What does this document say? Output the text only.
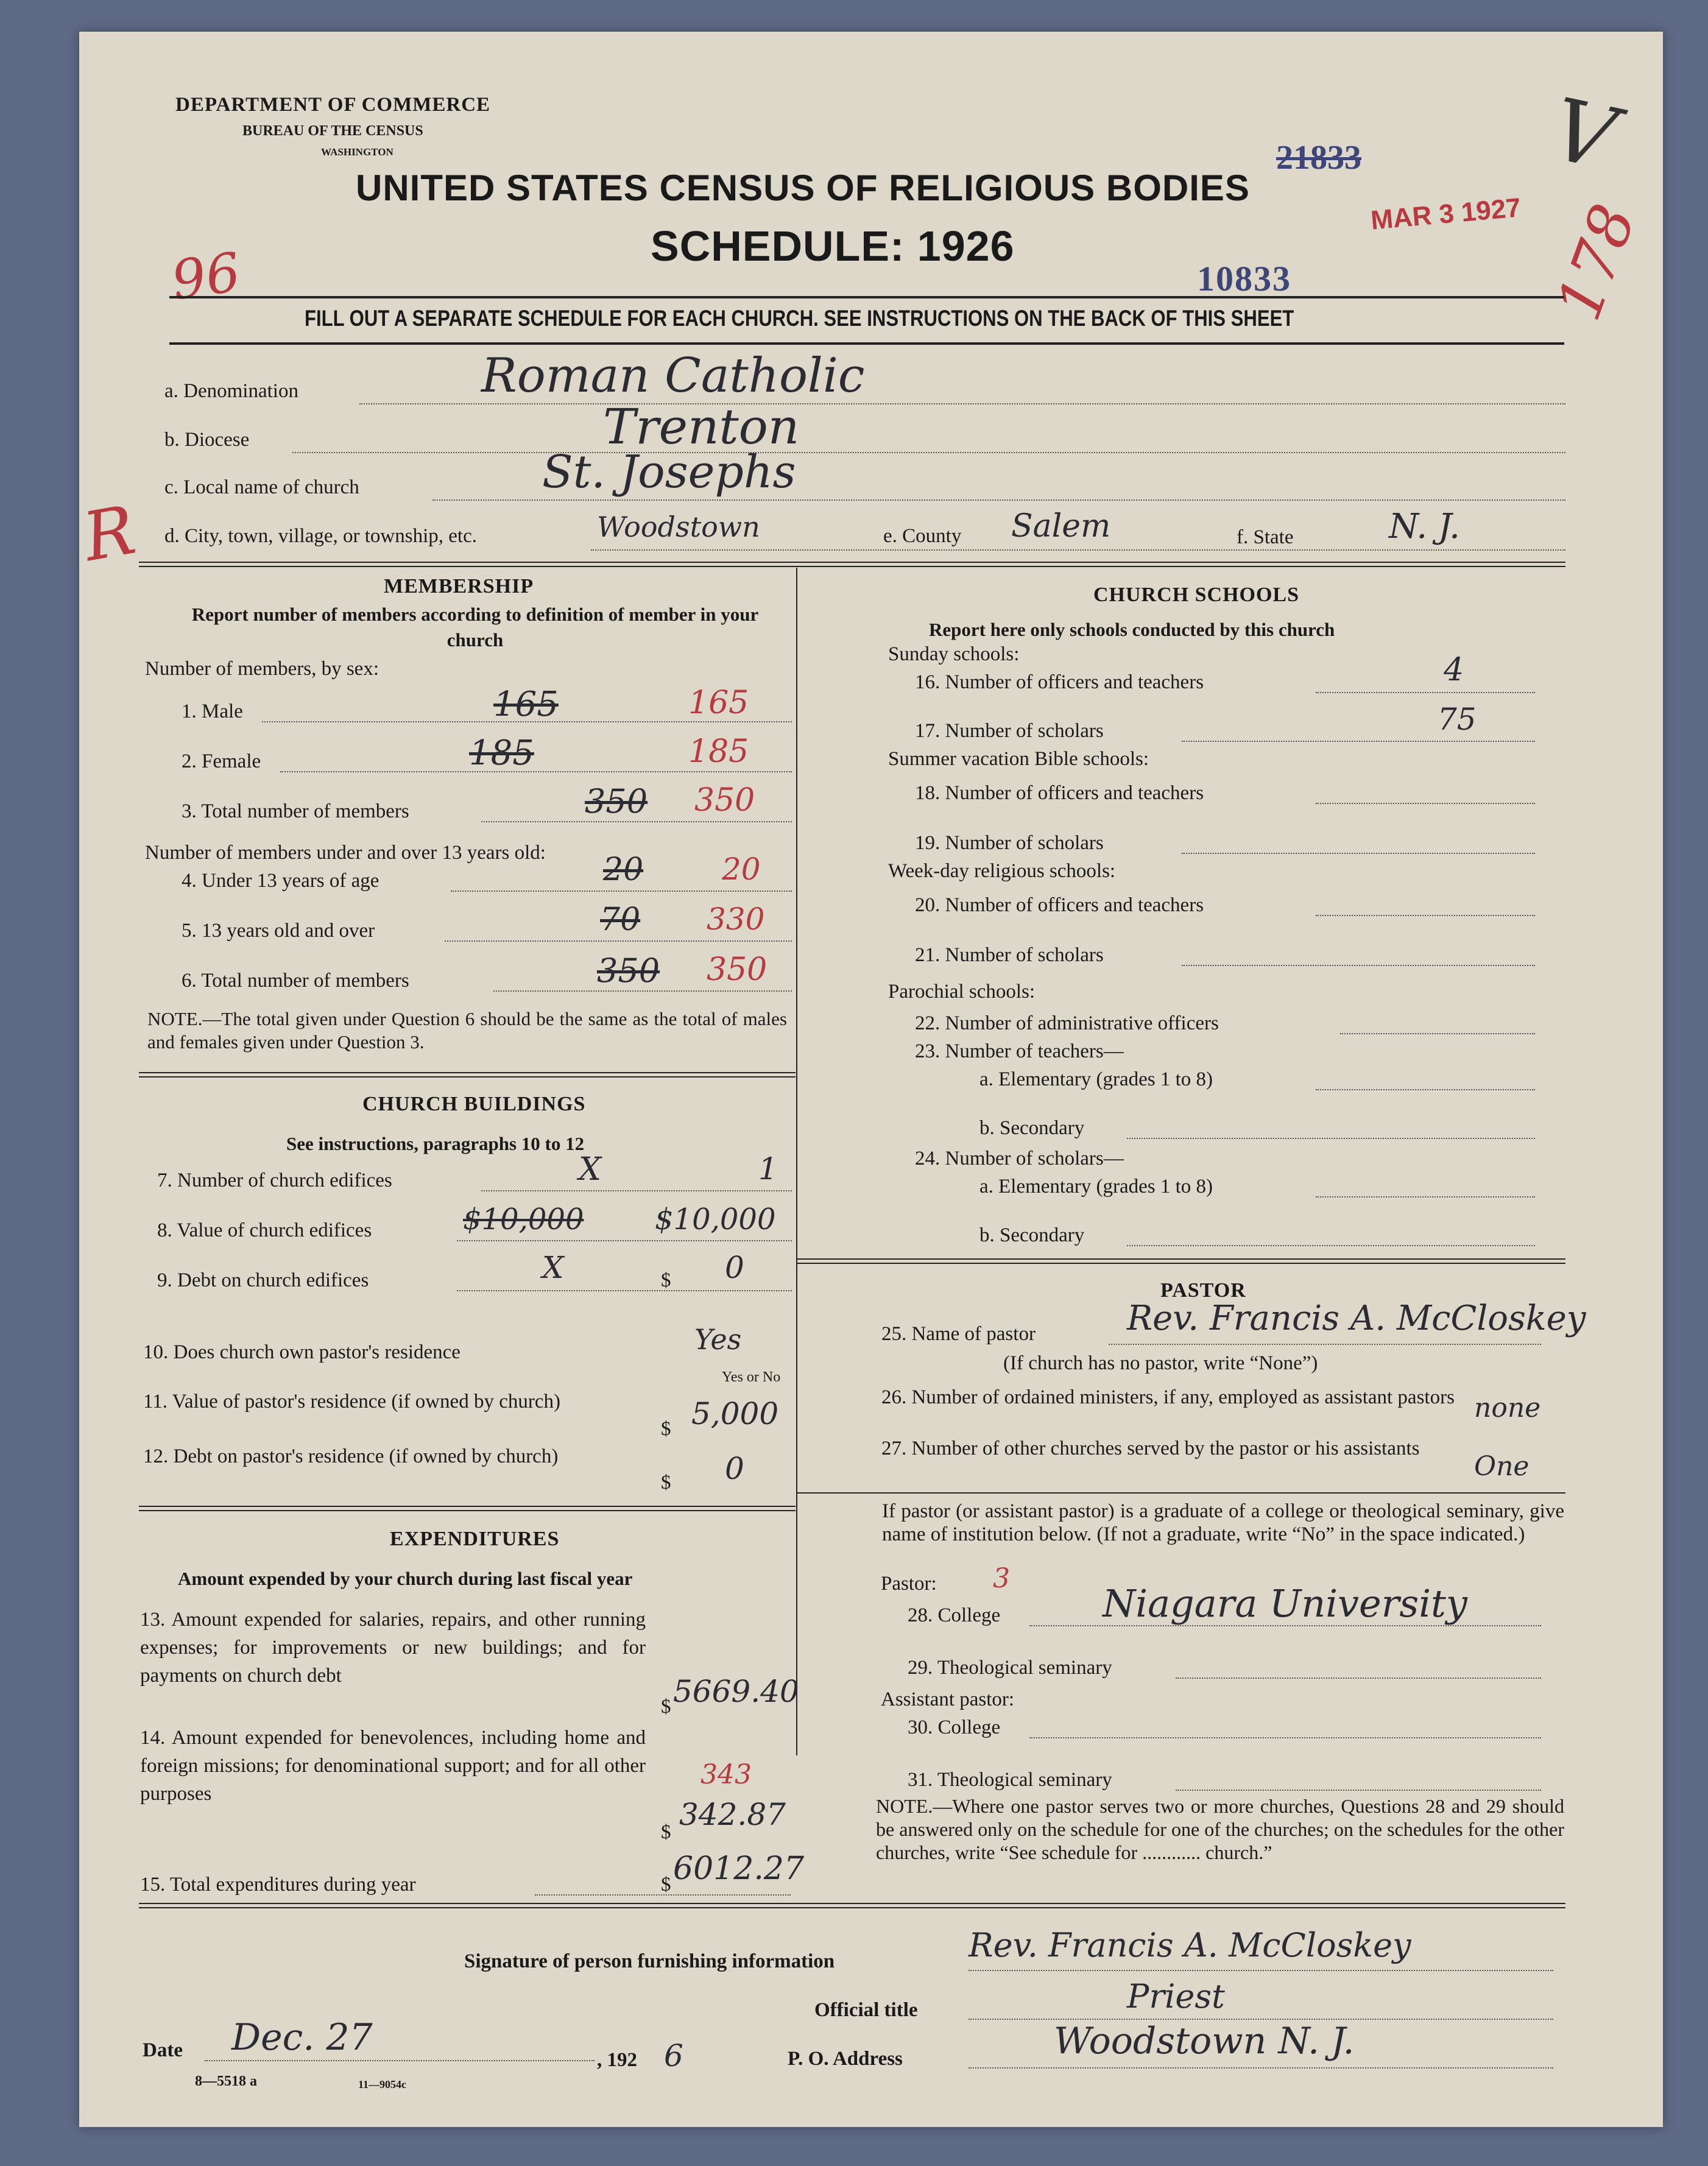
DEPARTMENT OF COMMERCE
BUREAU OF THE CENSUS
WASHINGTON
UNITED STATES CENSUS OF RELIGIOUS BODIES
SCHEDULE: 1926
21833
10833
MAR 3 1927
96	178
V
FILL OUT A SEPARATE SCHEDULE FOR EACH CHURCH. SEE INSTRUCTIONS ON THE BACK OF THIS SHEET
a. Denomination	Roman Catholic
b. Diocese	Trenton
c. Local name of church	St. Josephs
R d. City, town, village, or township, etc.	Woodstown	e. County Salem	f. State	N. J.
MEMBERSHIP
Report number of members according to definition of member in your church
Number of members, by sex:
1. Male	165	165
2. Female	185	185
3. Total number of members	350 350
Number of members under and over 13 years old:
4. Under 13 years of age	20	20
5. 13 years old and over	70 330
6. Total number of members	350 350
NOTE.—The total given under Question 6 should be the same as the total of males and females given under Question 3.
CHURCH BUILDINGS
See instructions, paragraphs 10 to 12
7. Number of church edifices	X	1
8. Value of church edifices	$10,000 $10,000
9. Debt on church edifices	X	$ 0
10. Does church own pastor's residence	Yes
Yes or No
11. Value of pastor's residence (if owned by church)
$ 5,000
12. Debt on pastor's residence (if owned by church)
$ 0
EXPENDITURES
Amount expended by your church during last fiscal year
13. Amount expended for salaries, repairs, and other running expenses; for improvements or new buildings; and for payments on church debt
$ 5669.40
14. Amount expended for benevolences, including home and foreign missions; for denominational support; and for all other purposes
343
$ 342.87
15. Total expenditures during year	$ 6012.27
CHURCH SCHOOLS
Report here only schools conducted by this church
Sunday schools:
16. Number of officers and teachers	4
17. Number of scholars	75
Summer vacation Bible schools:
18. Number of officers and teachers
19. Number of scholars
Week-day religious schools:
20. Number of officers and teachers
21. Number of scholars
Parochial schools:
22. Number of administrative officers
23. Number of teachers—
a. Elementary (grades 1 to 8)
b. Secondary
24. Number of scholars—
a. Elementary (grades 1 to 8)
b. Secondary
PASTOR
25. Name of pastor	Rev. Francis A. McCloskey
(If church has no pastor, write “None”)
26. Number of ordained ministers, if any, employed as assistant pastors none
27. Number of other churches served by the pastor or his assistants
One
If pastor (or assistant pastor) is a graduate of a college or theological seminary, give name of institution below. (If not a graduate, write “No” in the space indicated.)
Pastor: 3
28. College	Niagara University
29. Theological seminary
Assistant pastor:
30. College
31. Theological seminary
NOTE.—Where one pastor serves two or more churches, Questions 28 and 29 should be answered only on the schedule for one of the churches; on the schedules for the other churches, write “See schedule for ............ church.”
Signature of person furnishing information	Rev. Francis A. McCloskey
Official title	Priest
Date Dec. 27
, 192 6	P. O. Address	Woodstown N. J.
8—5518 a	11—9054c
